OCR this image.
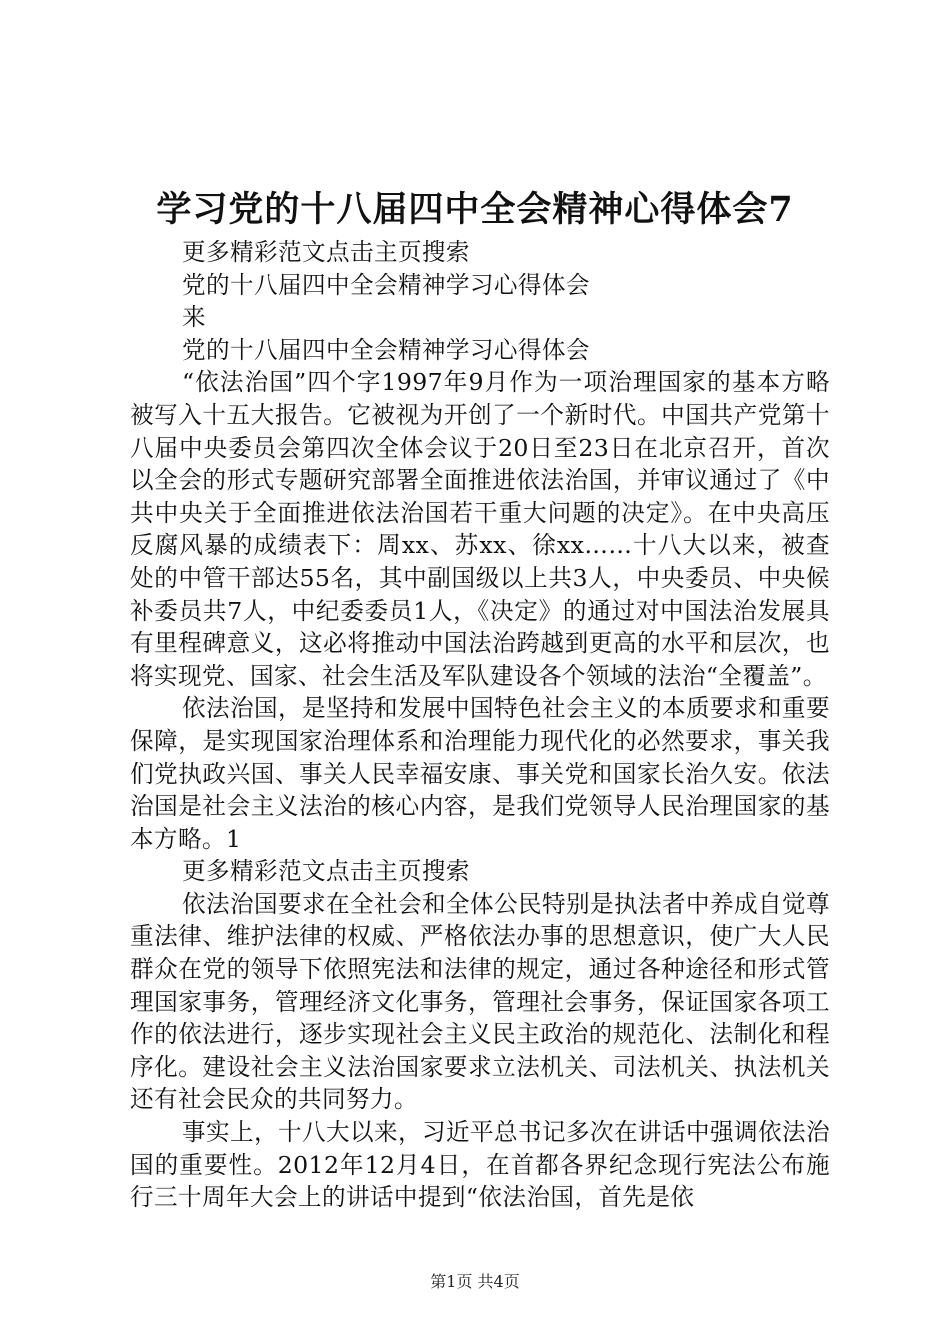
学习党的十八届四中全会精神心得体会7
更多精彩范文点击主页搜索
党的十八届四中全会精神学习心得体会
来
党的十八届四中全会精神学习心得体会
“依法治国”四个字1997年9月作为一项治理国家的基本方略被写入十五大报告。它被视为开创了一个新时代。中国共产党第十八届中央委员会第四次全体会议于20日至23日在北京召开，首次以全会的形式专题研究部署全面推进依法治国，并审议通过了《中共中央关于全面推进依法治国若干重大问题的决定》。在中央高压反腐风暴的成绩表下：周xx、苏xx、徐xx……十八大以来，被查处的中管干部达55名，其中副国级以上共3人，中央委员、中央候补委员共7人，中纪委委员1人，《决定》的通过对中国法治发展具有里程碑意义，这必将推动中国法治跨越到更高的水平和层次，也将实现党、国家、社会生活及军队建设各个领域的法治“全覆盖”。
依法治国，是坚持和发展中国特色社会主义的本质要求和重要保障，是实现国家治理体系和治理能力现代化的必然要求，事关我们党执政兴国、事关人民幸福安康、事关党和国家长治久安。依法治国是社会主义法治的核心内容，是我们党领导人民治理国家的基本方略。1
更多精彩范文点击主页搜索
依法治国要求在全社会和全体公民特别是执法者中养成自觉尊重法律、维护法律的权威、严格依法办事的思想意识，使广大人民群众在党的领导下依照宪法和法律的规定，通过各种途径和形式管理国家事务，管理经济文化事务，管理社会事务，保证国家各项工作的依法进行，逐步实现社会主义民主政治的规范化、法制化和程序化。建设社会主义法治国家要求立法机关、司法机关、执法机关还有社会民众的共同努力。
事实上，十八大以来，习近平总书记多次在讲话中强调依法治国的重要性。2012年12月4日，在首都各界纪念现行宪法公布施行三十周年大会上的讲话中提到“依法治国，首先是依
第1页 共4页
